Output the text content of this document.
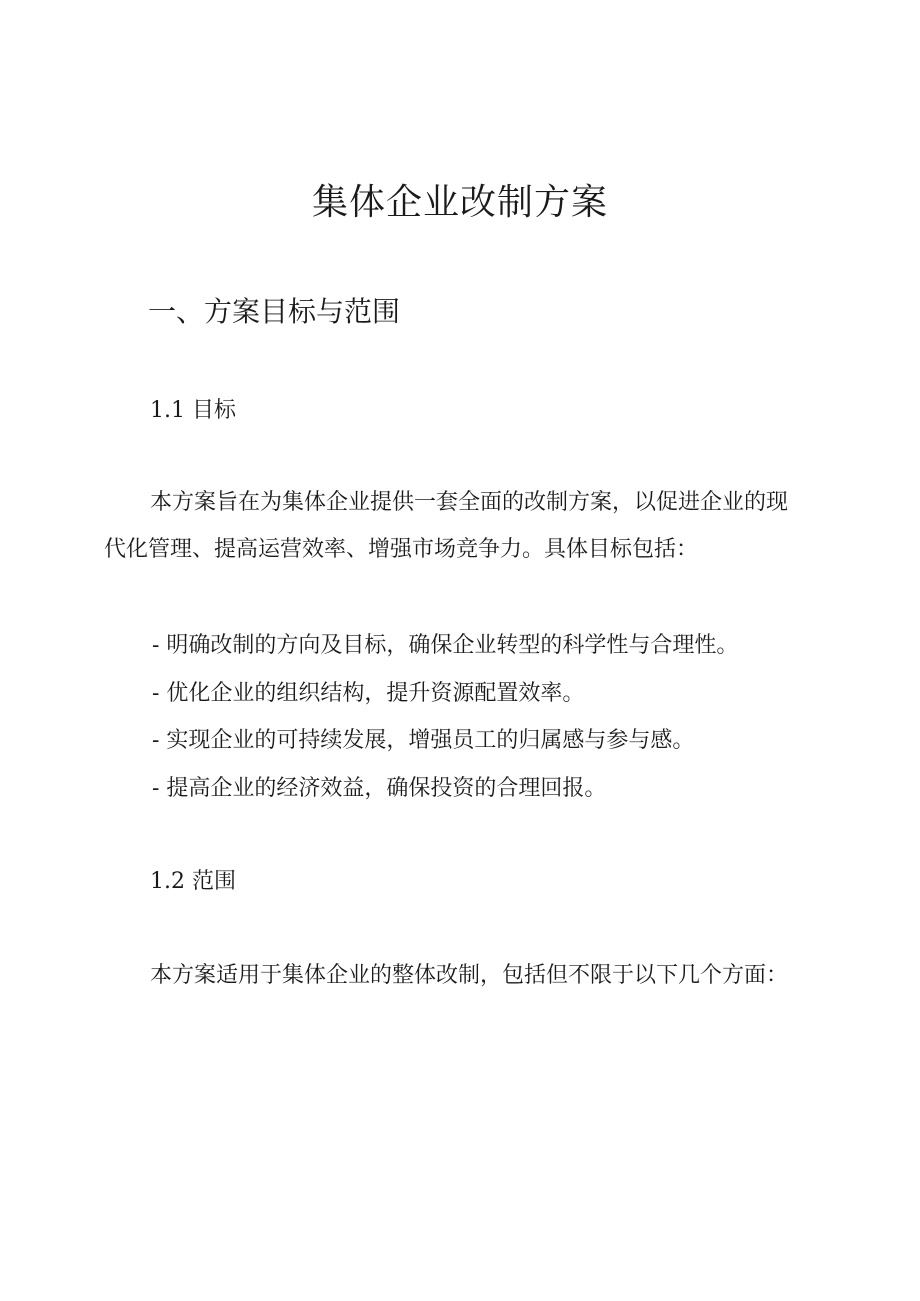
集体企业改制方案
一、方案目标与范围
1.1 目标

本方案旨在为集体企业提供一套全面的改制方案，以促进企业的现代化管理、提高运营效率、增强市场竞争力。具体目标包括：

- 明确改制的方向及目标，确保企业转型的科学性与合理性。
- 优化企业的组织结构，提升资源配置效率。
- 实现企业的可持续发展，增强员工的归属感与参与感。
- 提高企业的经济效益，确保投资的合理回报。
1.2 范围

本方案适用于集体企业的整体改制，包括但不限于以下几个方面：
